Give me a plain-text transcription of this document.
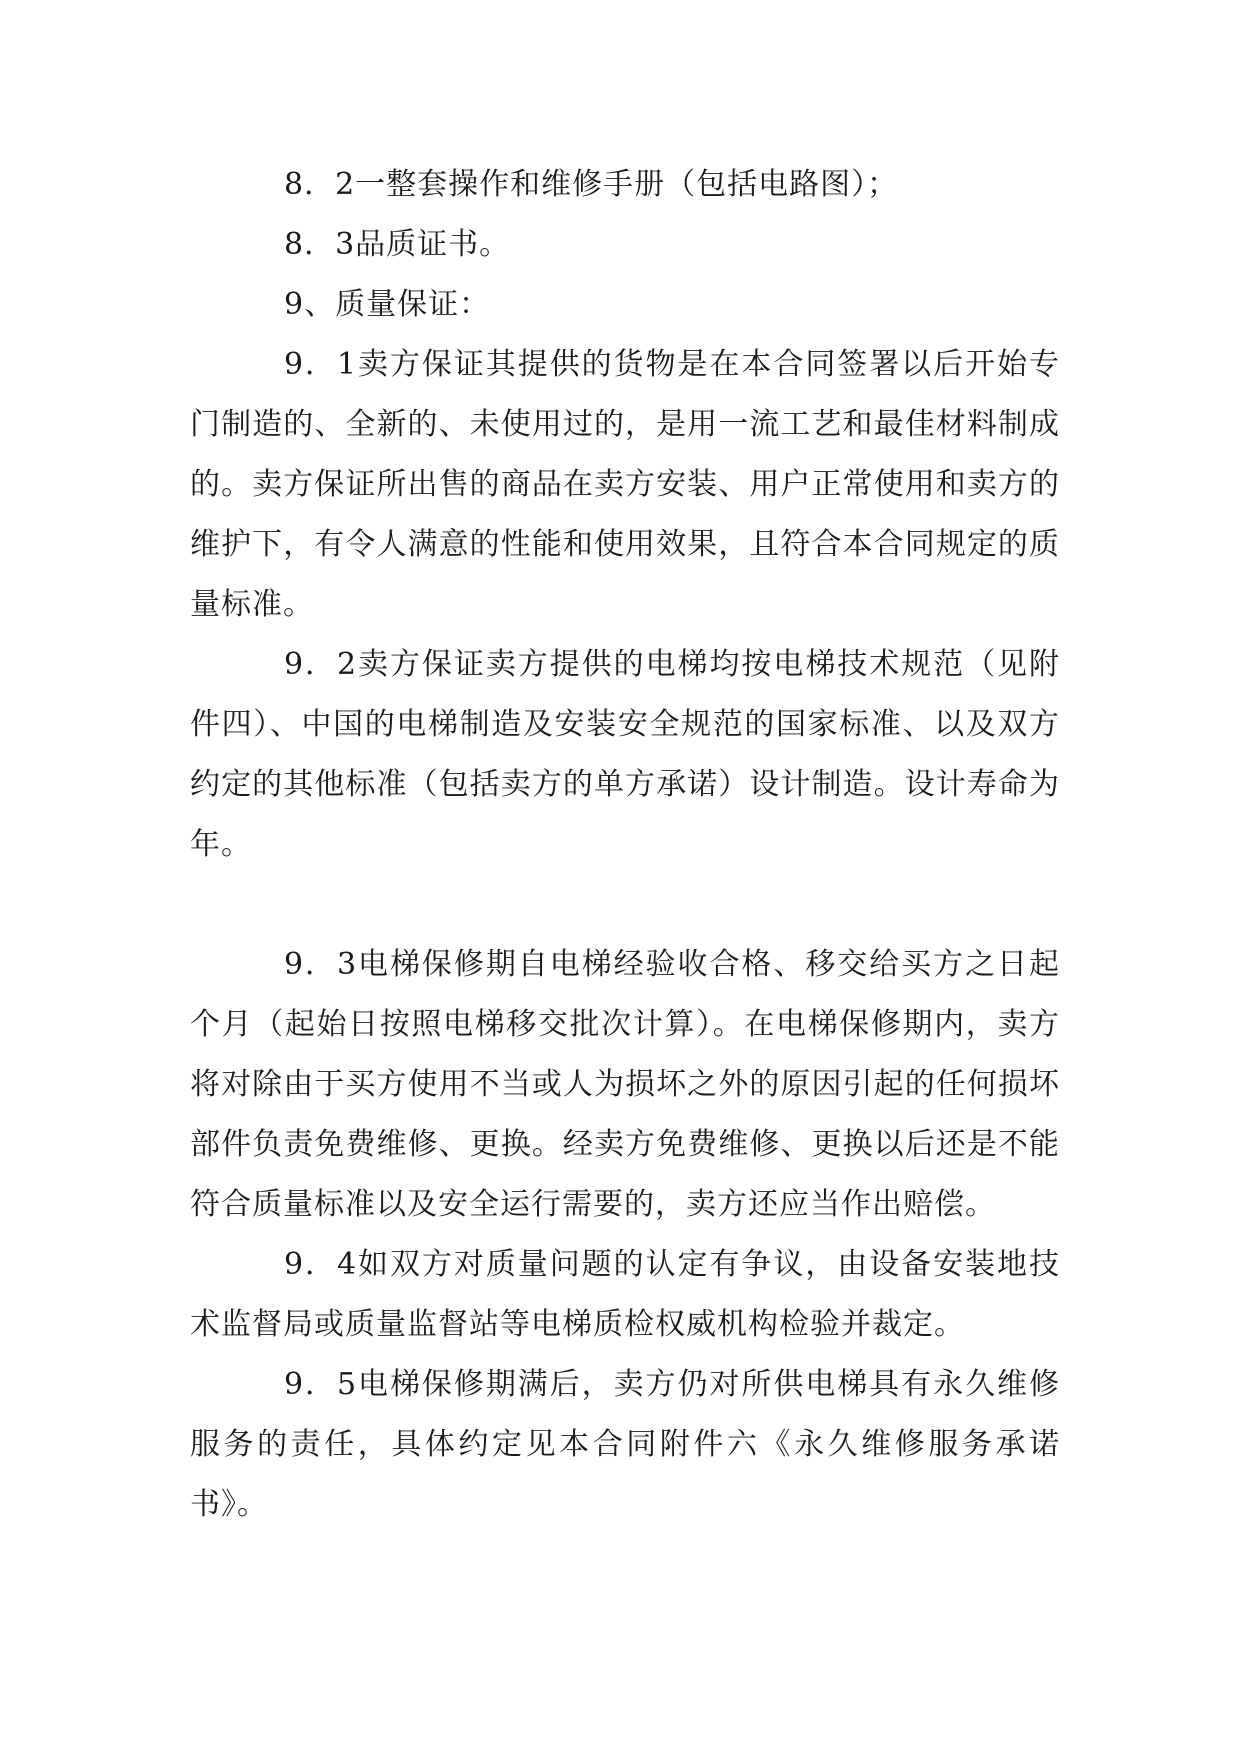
8．2一整套操作和维修手册（包括电路图）；

8．3品质证书。

9、质量保证：

9．1卖方保证其提供的货物是在本合同签署以后开始专门制造的、全新的、未使用过的，是用一流工艺和最佳材料制成的。卖方保证所出售的商品在卖方安装、用户正常使用和卖方的维护下，有令人满意的性能和使用效果，且符合本合同规定的质量标准。

9．2卖方保证卖方提供的电梯均按电梯技术规范（见附件四）、中国的电梯制造及安装安全规范的国家标准、以及双方约定的其他标准（包括卖方的单方承诺）设计制造。设计寿命为年。

9．3电梯保修期自电梯经验收合格、移交给买方之日起个月（起始日按照电梯移交批次计算）。在电梯保修期内，卖方将对除由于买方使用不当或人为损坏之外的原因引起的任何损坏部件负责免费维修、更换。经卖方免费维修、更换以后还是不能符合质量标准以及安全运行需要的，卖方还应当作出赔偿。

9．4如双方对质量问题的认定有争议，由设备安装地技术监督局或质量监督站等电梯质检权威机构检验并裁定。

9．5电梯保修期满后，卖方仍对所供电梯具有永久维修服务的责任，具体约定见本合同附件六《永久维修服务承诺书》。
